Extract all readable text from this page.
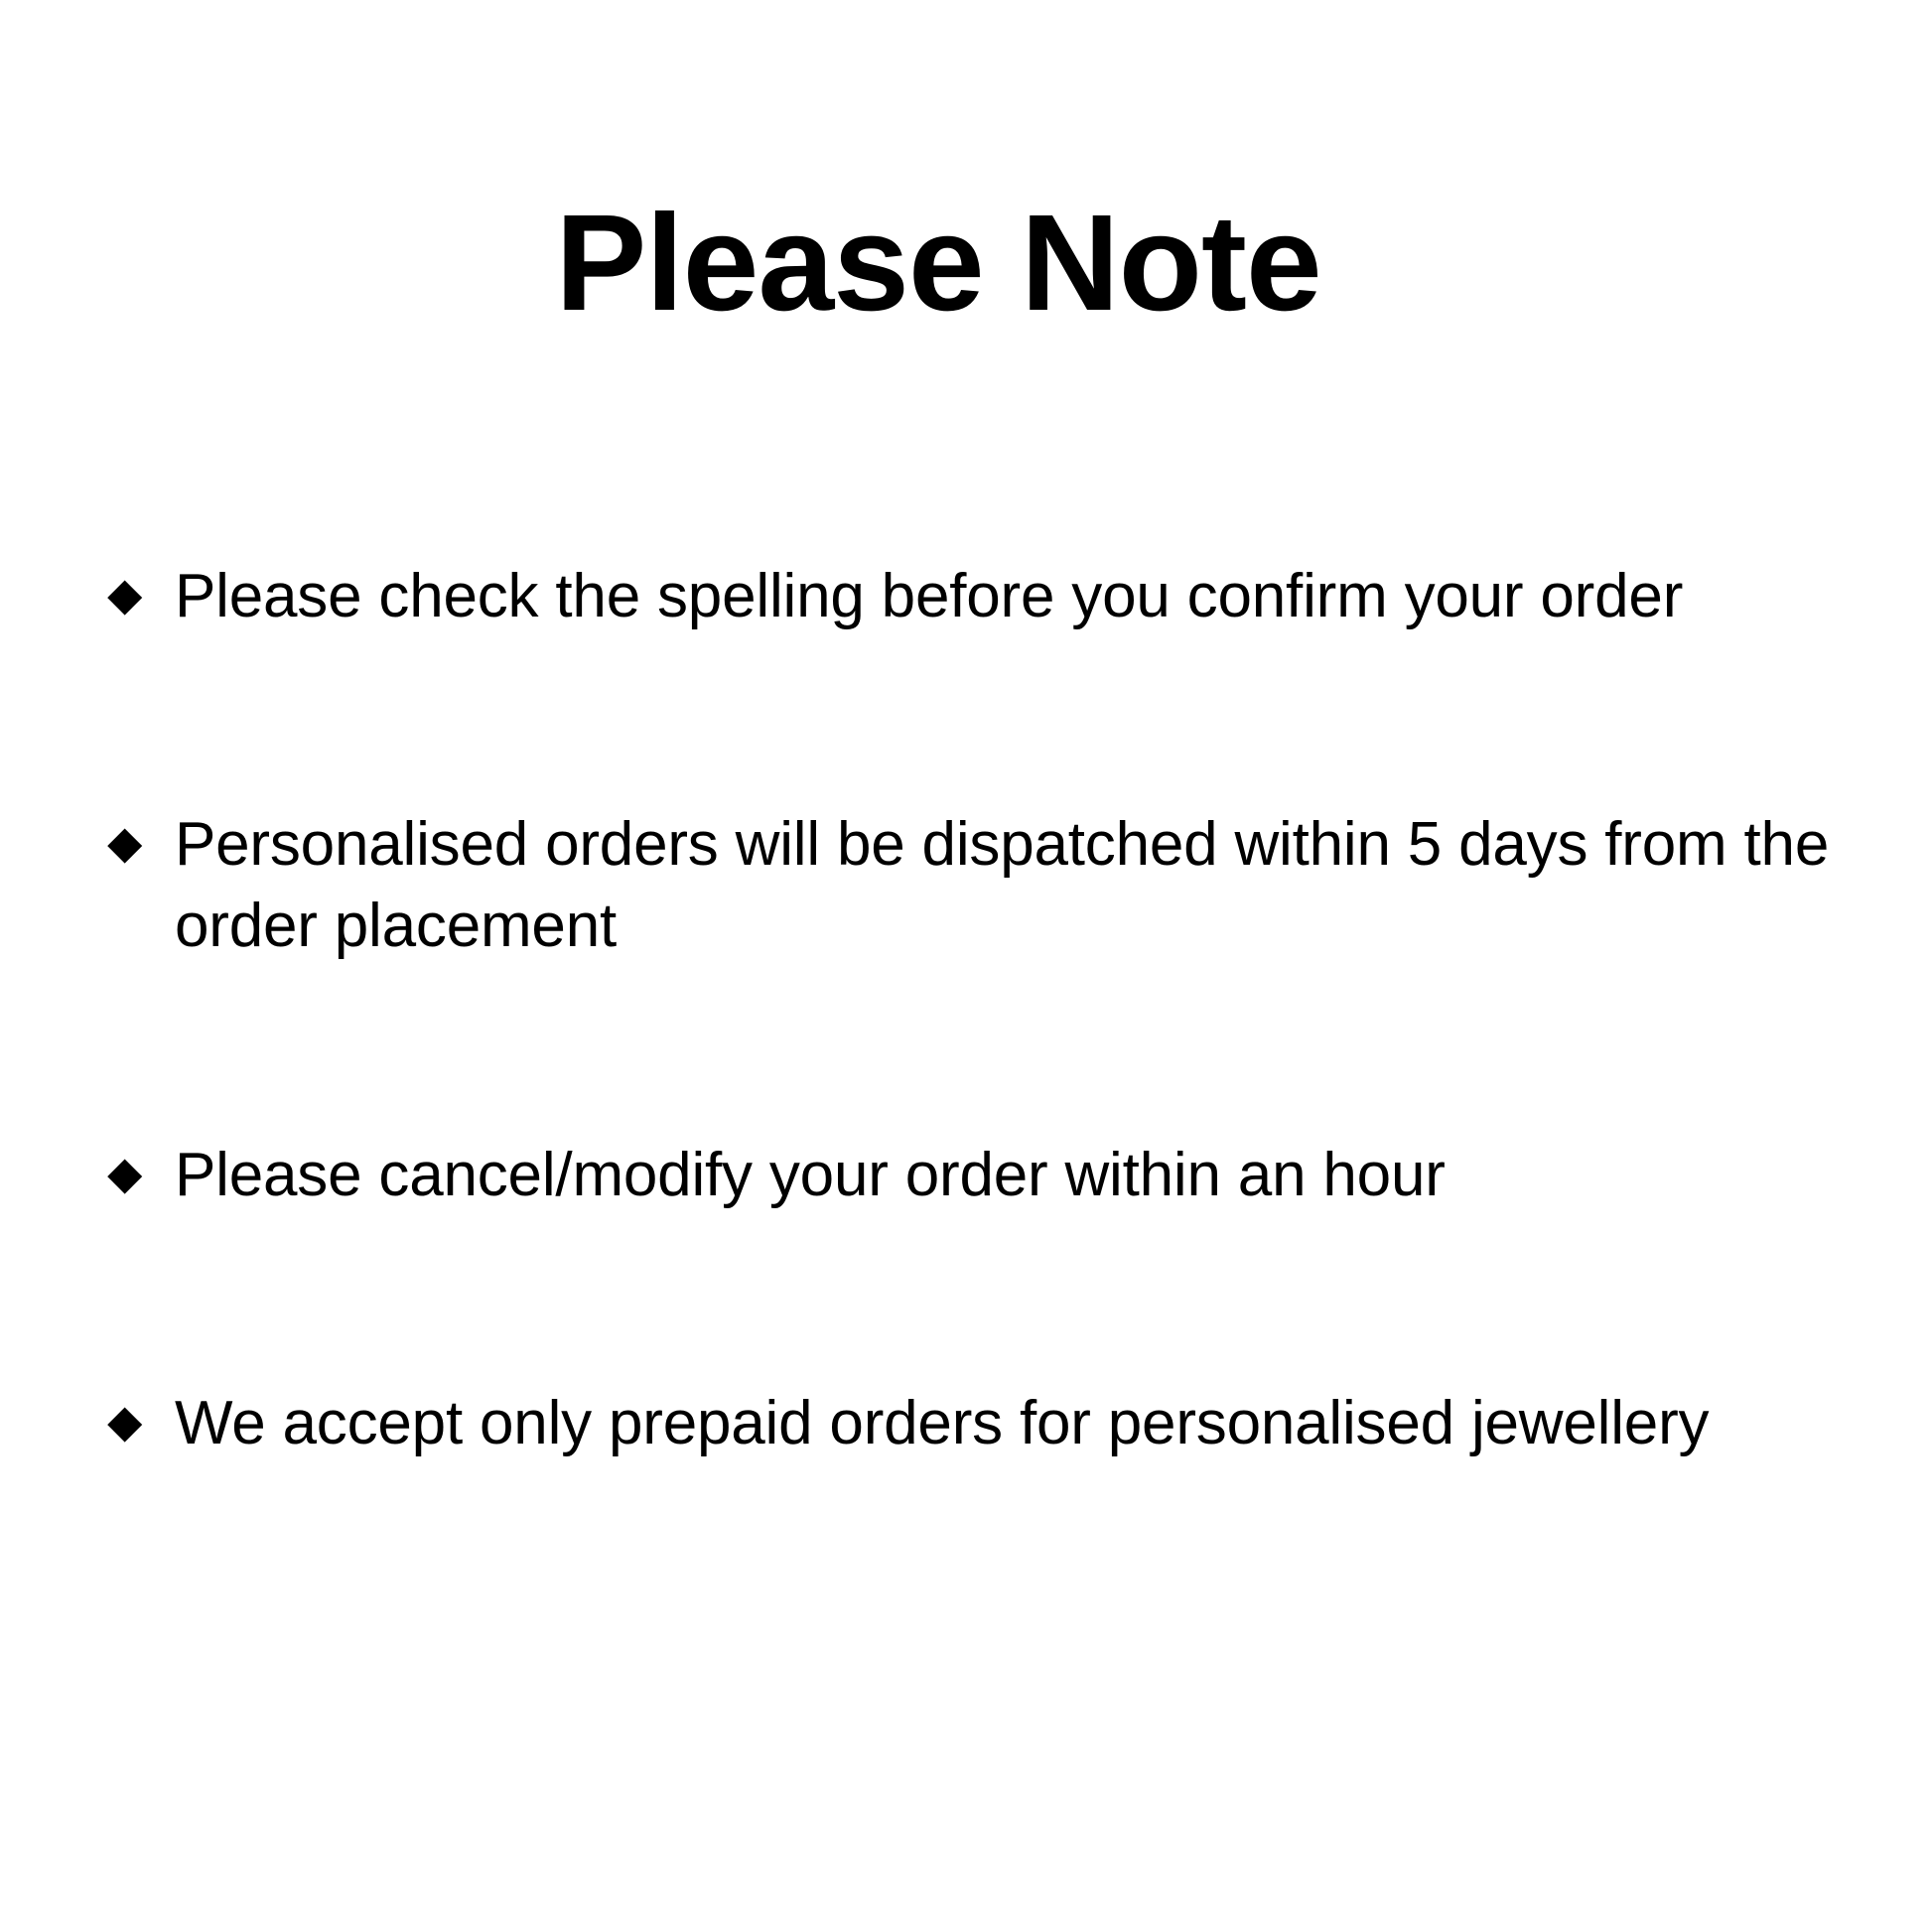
Please Note
◆ Please check the spelling before you confirm your order
◆ Personalised orders will be dispatched within 5 days from the order placement
◆ Please cancel/modify your order within an hour
◆ We accept only prepaid orders for personalised jewellery
